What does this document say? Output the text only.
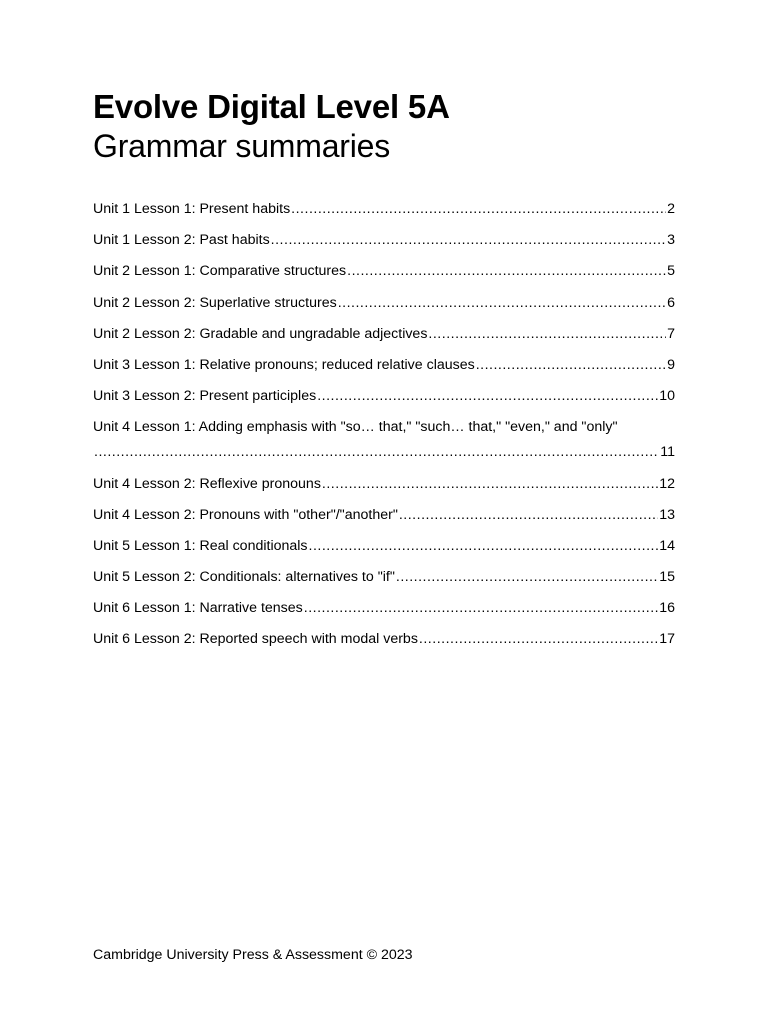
Evolve Digital Level 5A
Grammar summaries
Unit 1 Lesson 1: Present habits .....	2
Unit 1 Lesson 2: Past habits .....	3
Unit 2 Lesson 1: Comparative structures .....	5
Unit 2 Lesson 2: Superlative structures .....	6
Unit 2 Lesson 2: Gradable and ungradable adjectives .....	7
Unit 3 Lesson 1: Relative pronouns; reduced relative clauses .....	9
Unit 3 Lesson 2: Present participles .....	10
Unit 4 Lesson 1: Adding emphasis with "so… that," "such… that," "even," and "only"
.....
11
Unit 4 Lesson 2: Reflexive pronouns .....	12
Unit 4 Lesson 2: Pronouns with "other"/"another" .....	13
Unit 5 Lesson 1: Real conditionals .....	14
Unit 5 Lesson 2: Conditionals: alternatives to "if" .....	15
Unit 6 Lesson 1: Narrative tenses .....	16
Unit 6 Lesson 2: Reported speech with modal verbs .....	17
Cambridge University Press & Assessment © 2023
